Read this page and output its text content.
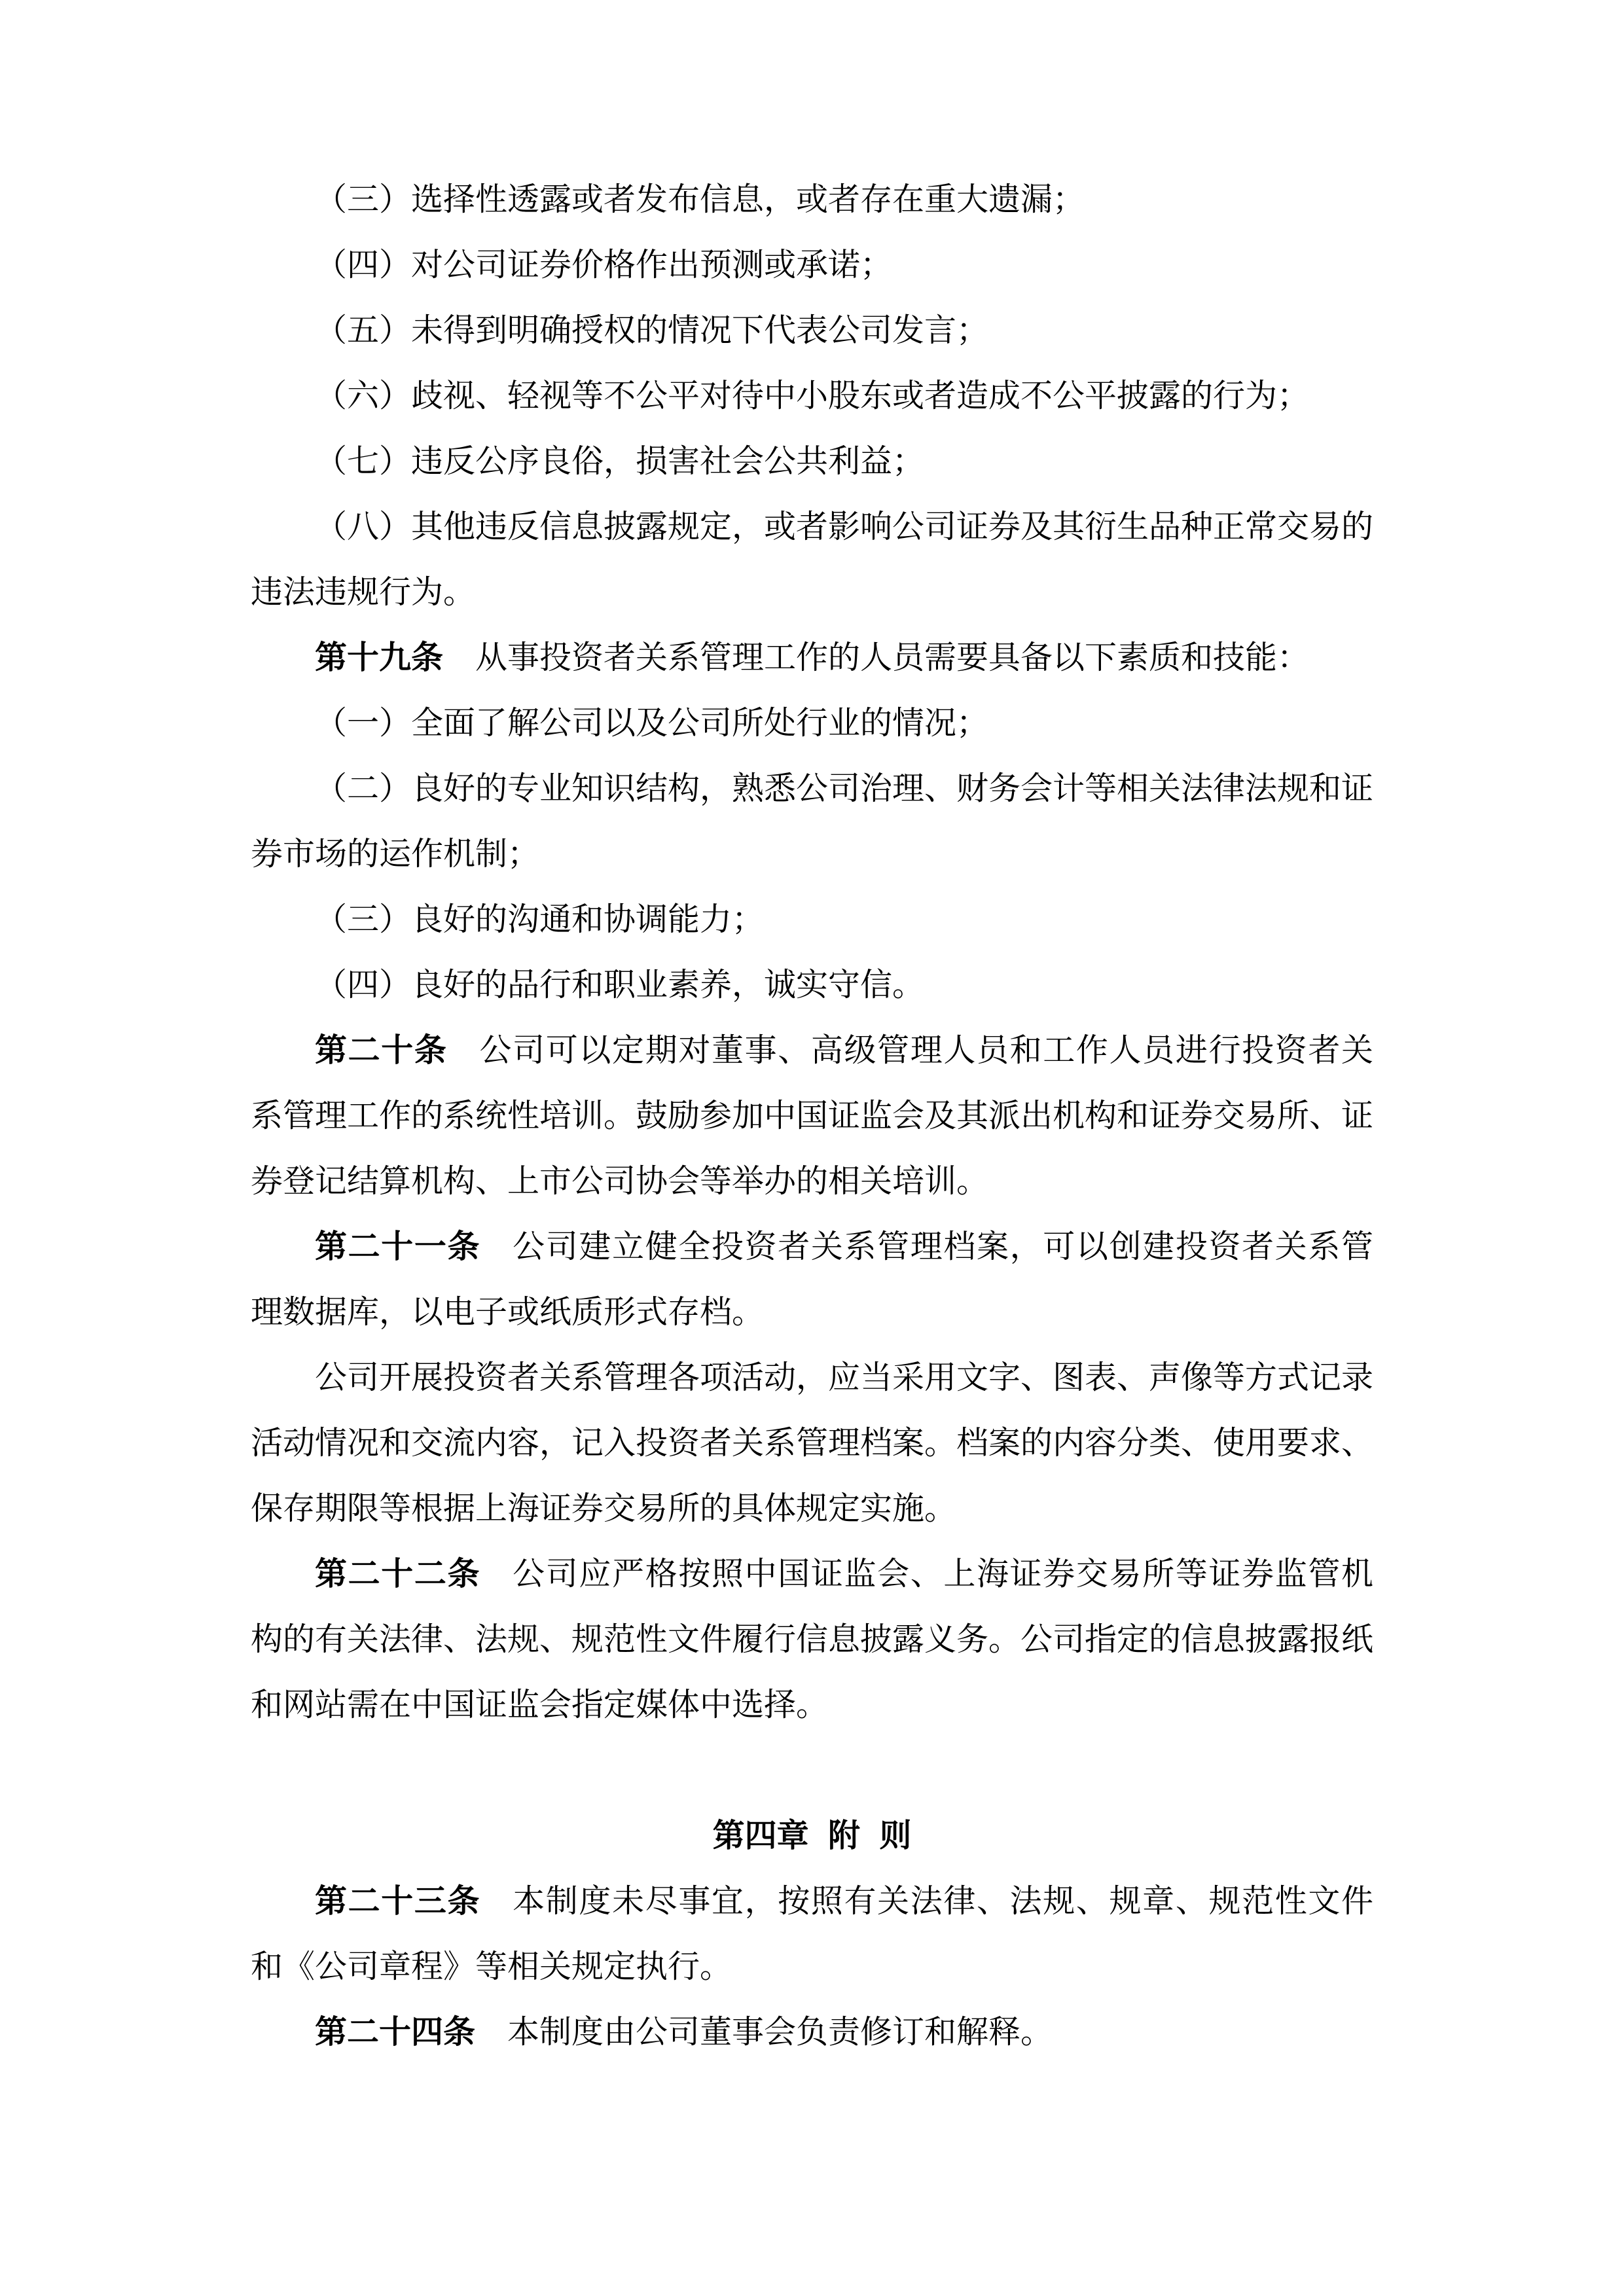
（三）选择性透露或者发布信息，或者存在重大遗漏；

（四）对公司证券价格作出预测或承诺；

（五）未得到明确授权的情况下代表公司发言；

（六）歧视、轻视等不公平对待中小股东或者造成不公平披露的行为；

（七）违反公序良俗，损害社会公共利益；

（八）其他违反信息披露规定，或者影响公司证券及其衍生品种正常交易的违法违规行为。

第十九条 从事投资者关系管理工作的人员需要具备以下素质和技能：

（一）全面了解公司以及公司所处行业的情况；

（二）良好的专业知识结构，熟悉公司治理、财务会计等相关法律法规和证券市场的运作机制；

（三）良好的沟通和协调能力；

（四）良好的品行和职业素养，诚实守信。

第二十条 公司可以定期对董事、高级管理人员和工作人员进行投资者关系管理工作的系统性培训。鼓励参加中国证监会及其派出机构和证券交易所、证券登记结算机构、上市公司协会等举办的相关培训。

第二十一条 公司建立健全投资者关系管理档案，可以创建投资者关系管理数据库，以电子或纸质形式存档。

公司开展投资者关系管理各项活动，应当采用文字、图表、声像等方式记录活动情况和交流内容，记入投资者关系管理档案。档案的内容分类、使用要求、保存期限等根据上海证券交易所的具体规定实施。

第二十二条 公司应严格按照中国证监会、上海证券交易所等证券监管机构的有关法律、法规、规范性文件履行信息披露义务。公司指定的信息披露报纸和网站需在中国证监会指定媒体中选择。

第四章 附 则

第二十三条 本制度未尽事宜，按照有关法律、法规、规章、规范性文件和《公司章程》等相关规定执行。

第二十四条 本制度由公司董事会负责修订和解释。
